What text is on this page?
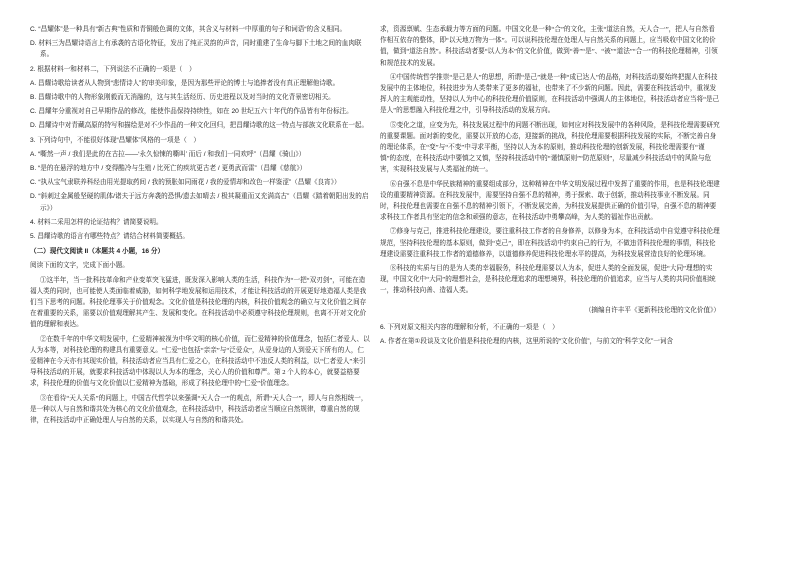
C. “昌耀体”是一种具有“新古典”性质和青铜般色调的文体，其含义与材料一中厚重的句子和词语“的含义相同。

D. 材料三为昌耀诗语言上有承袭的古语化特征，发出了纯正灵韵的声音，同时重建了生命与脚下土地之间的血肉联系。

2. 根据材料一和材料二，下列说法不正确的一项是（　）

A. 昌耀诗歌给读者从人物到“悲情诗人”的审美印象，是因为那些评论的博士与追捧者没有真正理解他诗歌。

B. 昌耀诗歌中的人物形象刚毅而无消融的，这与其生活经历、历史进程以及对当时的文化背景密切相关。

C. 昌耀年分重视对自己早期作品的修改，能使作品保持持续性，如在 20 世纪五六十年代的作品皆有年份标注。

D. 昌耀诗中对青藏高原的特写和描绘是对不少作品的一种文化回归，把昌耀诗歌的这一特点与部族文化联系在一起。

3. 下列诗句中，不能很好体现“昌耀体”风格的一项是（　）

A. “嘶然一声 / 我们是此的在古拉——‘永久惊悚的嘶叫’ 而后 / 和我们一同欢呼”（昌耀《骑山》）

B. “是的在悬浮的地方中 / 变得酷冷与生殖 / 比死亡的疾坑更古老 / 更勇武而雷”（昌耀《慈航》）

C. “执从宝气隶联养科经由用光提取药间 / 我的预胀如同雨花 / 我的爱情却和改色一样鉴涩”（昌耀《良宵》）

D. “斜刺过金属般坚硬的肌体/诸夫于远方奔袭的恐惧/遗去如晴去 / 极其凝重而又充满高古”（昌耀《踏着朝阳出发的启示》）

4. 材料二采用怎样的论证结构？请简要说明。

5. 昌耀诗歌的语言有哪些特点？请结合材料简要概括。

（二）现代文阅读 II（本题共 4 小题，16 分）

阅读下面的文字，完成下面小题。

①这半年，当一批科技革命和产业变革突飞猛进，既发深入影响人类的生活，科技作为“一把“双刃剑”，可能在造福人类的同时，也可能使人类面临着威胁，如何科学地发展和运用技术，才能让科技活动的开展更好地造福人类是我们当下思考的问题。科技伦理事关于价值观念。文化价值是科技伦理的内核，科技价值观念的确立与文化价值之间存在着重要的关系，需要以价值观理解其产生、发展和变化。在科技活动中必须遵守科技伦理规则，也离不开对文化价值的理解和表达。

②在数千年的中华文明发展中，仁爱精神被视为中华文明的核心价值，而仁爱精神的价值理念，包括仁者爱人、以人为本等，对科技伦理的构建具有重要意义。“仁爱”也包括“亲亲”与“泛爱众”，从爱身边的人到爱天下所有的人，仁爱精神在今天亦有其现实价值，科技活动者应当具有仁爱之心，在科技活动中不违反人类的利益，以“仁者爱人”来引导科技活动的开展，就要求科技活动中体现以人为本的理念，关心人的价值和尊严。第 2 个人的本心，就要益格要求，科技伦理的价值与文化价值以仁爱精神为基础，形成了科技伦理中的“仁爱”价值理念。

③在看待“天人关系”的问题上，中国古代哲学以来强调“天人合一”的观点，所谓“天人合一”，即人与自然相统一，是一种以人与自然和谐共处为核心的文化价值观念，在科技活动中，科技活动者应当顺应自然规律，尊重自然的规律，在科技活动中正确处理人与自然的关系，以实现人与自然的和谐共处。

求，资源禀赋、生态承载力等方面的问题。中国文化是一种“合”的文化，主张“道法自然，天人合一”，把人与自然看作相互依存的整体，即“以天地万物为一体”。可以说科技伦理在处理人与自然关系的问题上，应当吸收中国文化的价值，做到“道法自然”。科技活动者要“以人为本”的文化价值，做到“善”“是”、“被”“道法”“合一”的科技伦理精神，引领和规范技术的发展。

④中国传统哲学推崇“是己是人”的思想，所谓“是己”就是一种“成已达人”的品格，对科技活动要始终把握人在科技发展中的主体地位，科技进步为人类带来了更多的福祉，也带来了不少新的问题。因此，需要在科技活动中，重视发挥人的主观能动性，坚持以人为中心的科技伦理价值原则，在科技活动中强调人的主体地位，科技活动者应当将“是己是人”的思想融入科技伦理之中，引导科技活动的发展方向。

⑤变化之道，应变为先，科技发展过程中的问题不断出现，如何应对科技发展中的各种风险，是科技伦理需要研究的重要课题。面对新的变化，需要以开放的心态，迎接新的挑战，科技伦理需要根据科技发展的实际，不断完善自身的理论体系，在“变”与“不变”中寻求平衡，坚持以人为本的原则，推动科技伦理的创新发展，科技伦理需要有“谨慎”的态度，在科技活动中要慎之又慎，坚持科技活动中的“谨慎原则”“防范原则”，尽量减少科技活动中的风险与危害，实现科技发展与人类福祉的统一。

⑥自强不息是中华民族精神的重要组成部分，这种精神在中华文明发展过程中发挥了重要的作用，也是科技伦理建设的重要精神资源。在科技发展中，需要坚持自强不息的精神，勇于探索、敢于创新，推动科技事业不断发展。同时，科技伦理也需要在自强不息的精神引领下，不断发展完善，为科技发展提供正确的价值引导，自强不息的精神要求科技工作者具有坚定的信念和顽强的意志，在科技活动中勇攀高峰，为人类的福祉作出贡献。

⑦修身与克己，推进科技伦理建设，要注重科技工作者的自身修养，以修身为本，在科技活动中自觉遵守科技伦理规范，坚持科技伦理的基本原则，做到“克己”，即在科技活动中约束自己的行为，不做违背科技伦理的事情，科技伦理建设需要注重科技工作者的道德修养，以道德修养促进科技伦理水平的提高，为科技发展营造良好的伦理环境。

⑧科技的实质与目的是为人类的幸福服务，科技伦理需要以人为本，促进人类的全面发展，促进“大同”理想的实现，中国文化中“大同”的理想社会，是科技伦理追求的理想境界，科技伦理的价值追求，应当与人类的共同价值相统一，推动科技向善、造福人类。

（摘编自许丰平《更新科技伦理的文化价值》）

6. 下列对原文相关内容的理解和分析，不正确的一项是（　）

A. 作者在第①段谈及文化价值是科技伦理的内核，这里所说的“文化价值”，与前文的“科学文化”一词含
